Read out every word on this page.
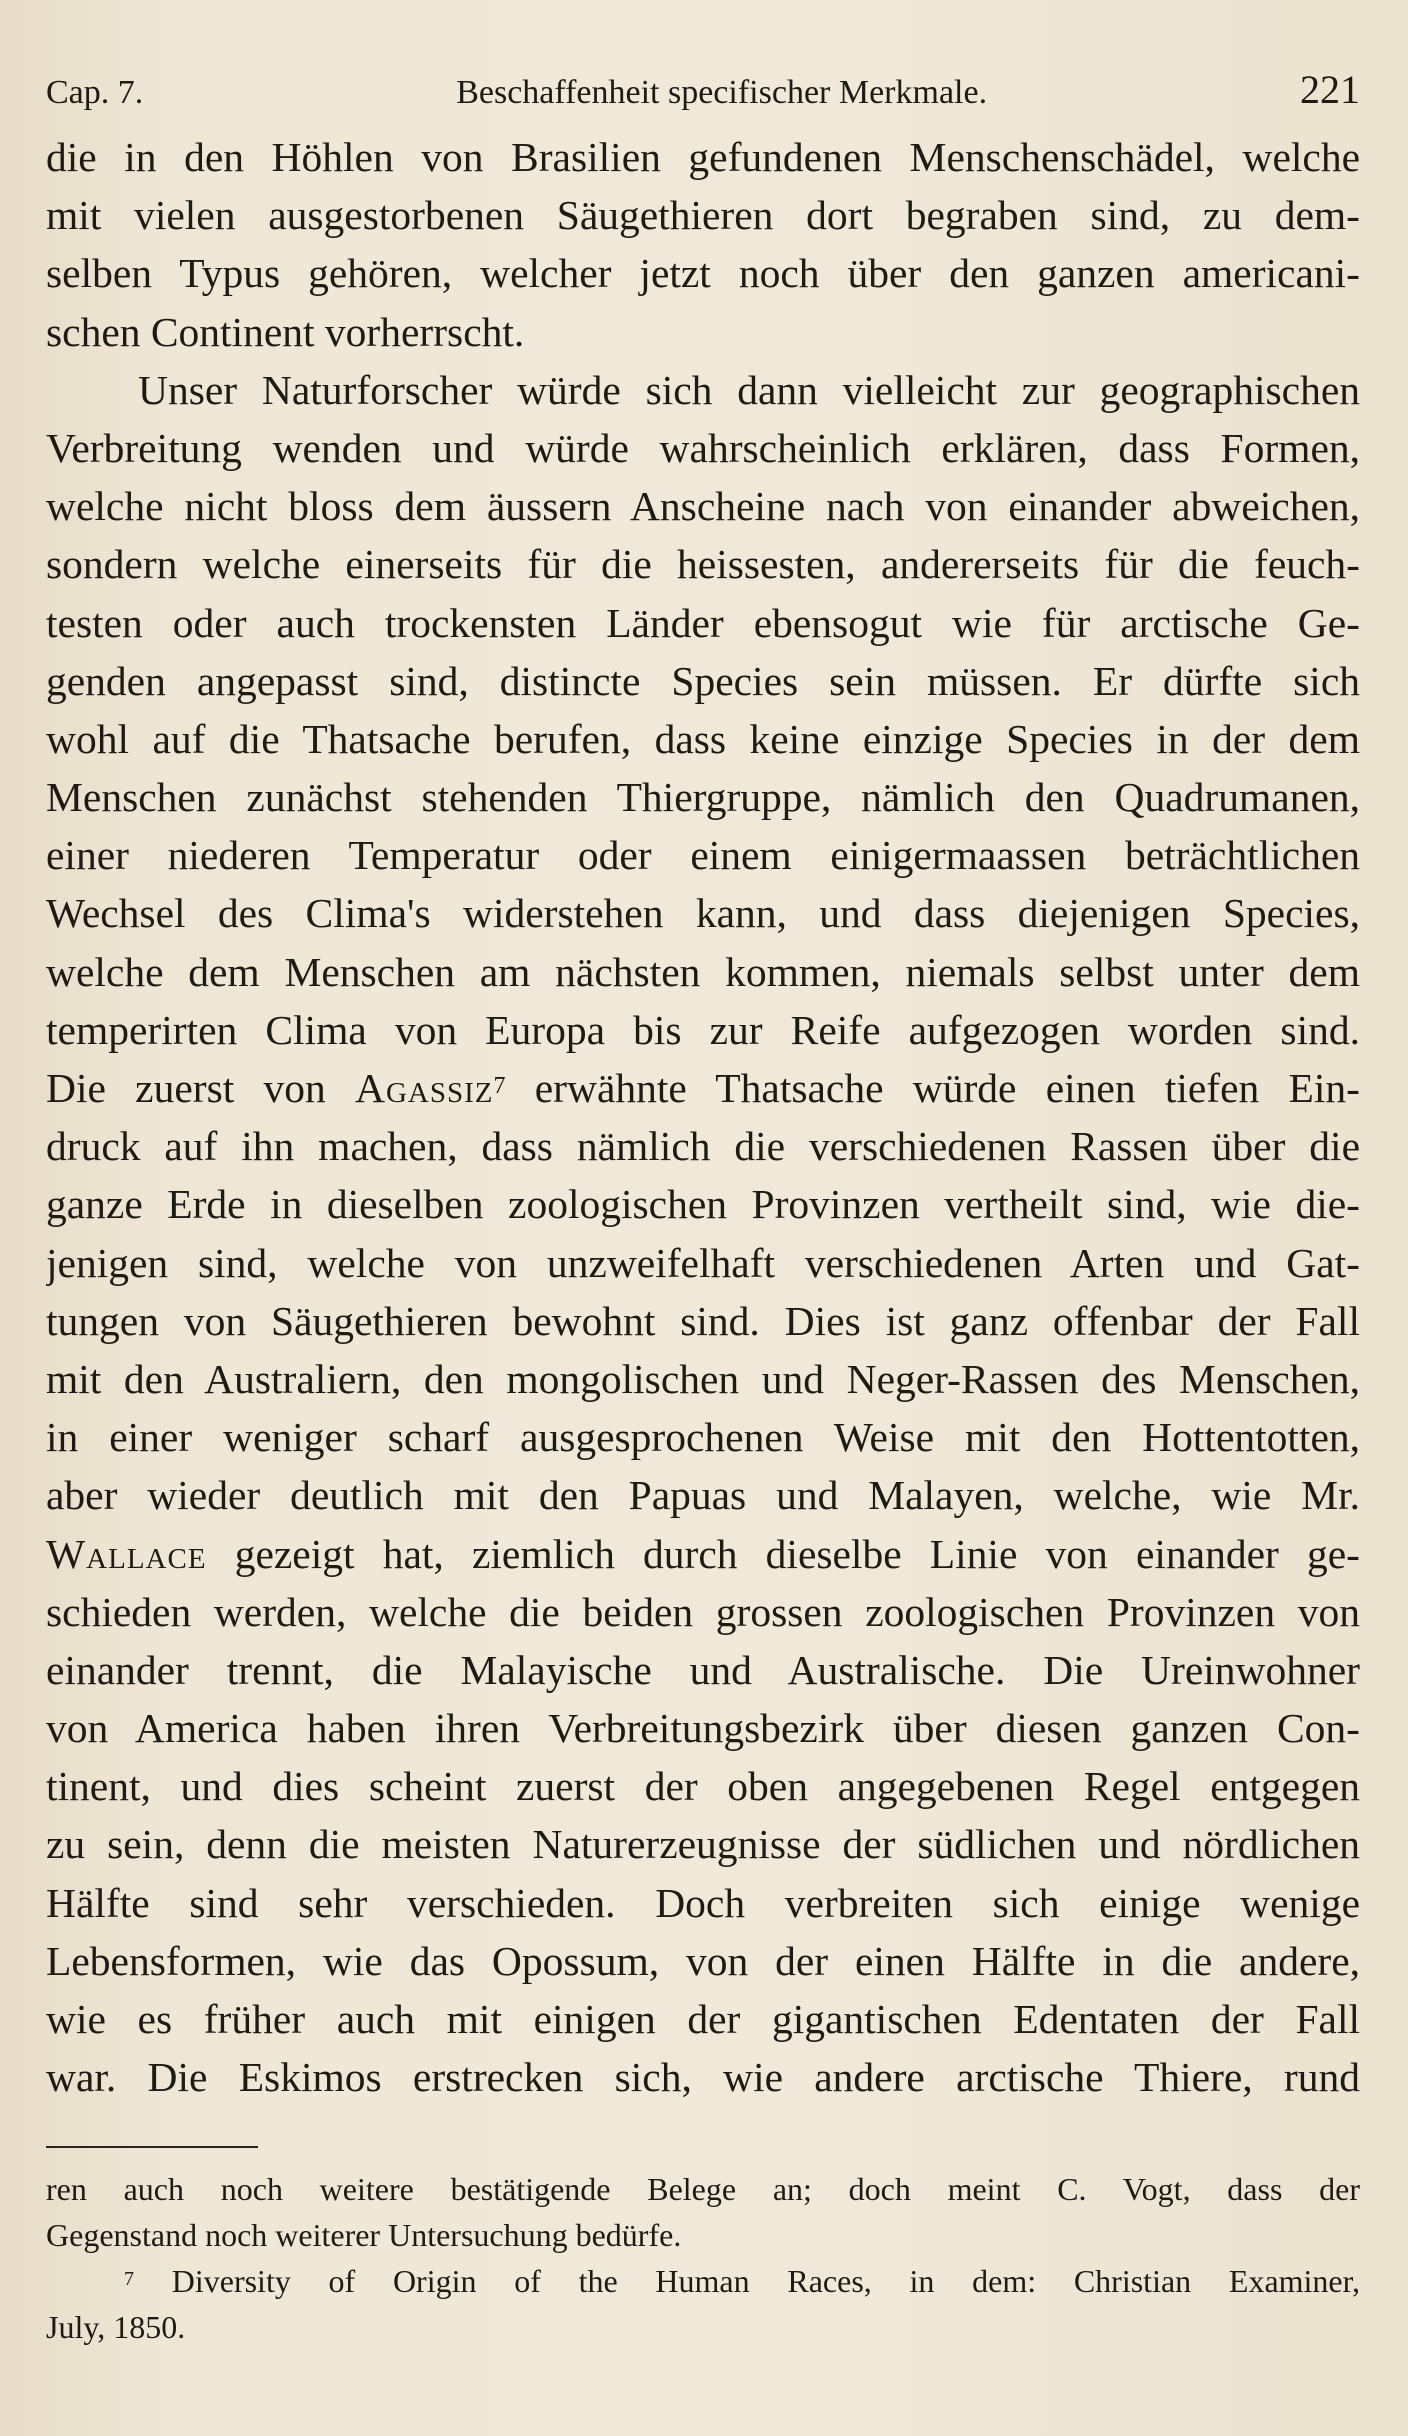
Cap. 7.	Beschaffenheit specifischer Merkmale.	221
die in den Höhlen von Brasilien gefundenen Menschenschädel, welche
mit vielen ausgestorbenen Säugethieren dort begraben sind, zu dem-
selben Typus gehören, welcher jetzt noch über den ganzen americani-
schen Continent vorherrscht.
Unser Naturforscher würde sich dann vielleicht zur geographischen
Verbreitung wenden und würde wahrscheinlich erklären, dass Formen,
welche nicht bloss dem äussern Anscheine nach von einander abweichen,
sondern welche einerseits für die heissesten, andererseits für die feuch-
testen oder auch trockensten Länder ebensogut wie für arctische Ge-
genden angepasst sind, distincte Species sein müssen. Er dürfte sich
wohl auf die Thatsache berufen, dass keine einzige Species in der dem
Menschen zunächst stehenden Thiergruppe, nämlich den Quadrumanen,
einer niederen Temperatur oder einem einigermaassen beträchtlichen
Wechsel des Clima's widerstehen kann, und dass diejenigen Species,
welche dem Menschen am nächsten kommen, niemals selbst unter dem
temperirten Clima von Europa bis zur Reife aufgezogen worden sind.
Die zuerst von Agassiz$^7$ erwähnte Thatsache würde einen tiefen Ein-
druck auf ihn machen, dass nämlich die verschiedenen Rassen über die
ganze Erde in dieselben zoologischen Provinzen vertheilt sind, wie die-
jenigen sind, welche von unzweifelhaft verschiedenen Arten und Gat-
tungen von Säugethieren bewohnt sind. Dies ist ganz offenbar der Fall
mit den Australiern, den mongolischen und Neger-Rassen des Menschen,
in einer weniger scharf ausgesprochenen Weise mit den Hottentotten,
aber wieder deutlich mit den Papuas und Malayen, welche, wie Mr.
Wallace gezeigt hat, ziemlich durch dieselbe Linie von einander ge-
schieden werden, welche die beiden grossen zoologischen Provinzen von
einander trennt, die Malayische und Australische. Die Ureinwohner
von America haben ihren Verbreitungsbezirk über diesen ganzen Con-
tinent, und dies scheint zuerst der oben angegebenen Regel entgegen
zu sein, denn die meisten Naturerzeugnisse der südlichen und nördlichen
Hälfte sind sehr verschieden. Doch verbreiten sich einige wenige
Lebensformen, wie das Opossum, von der einen Hälfte in die andere,
wie es früher auch mit einigen der gigantischen Edentaten der Fall
war. Die Eskimos erstrecken sich, wie andere arctische Thiere, rund
ren auch noch weitere bestätigende Belege an; doch meint C. Vogt, dass der
Gegenstand noch weiterer Untersuchung bedürfe.
$^7$ Diversity of Origin of the Human Races, in dem: Christian Examiner,
July, 1850.
